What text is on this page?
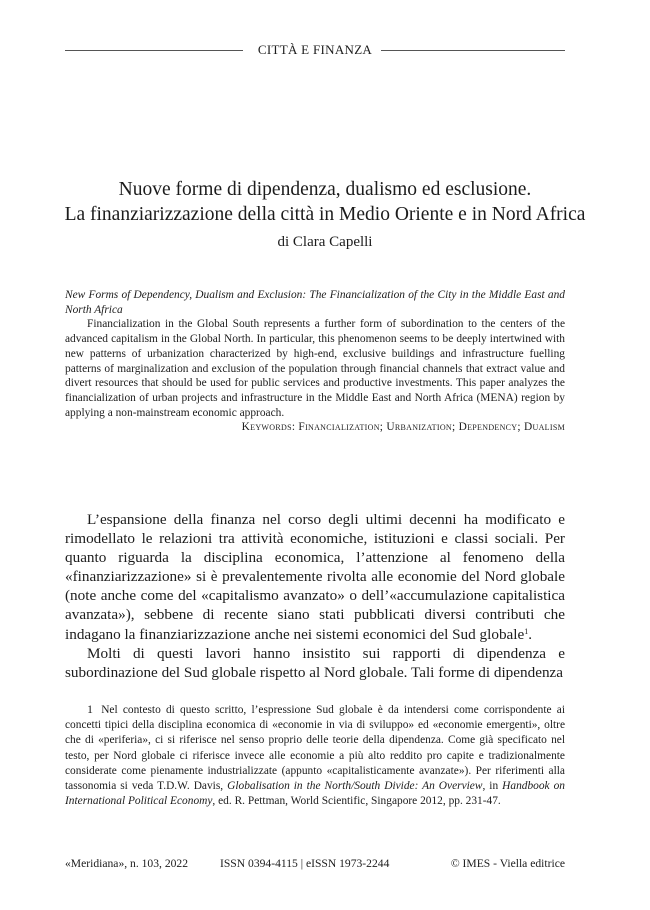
CITTÀ E FINANZA
Nuove forme di dipendenza, dualismo ed esclusione.
La finanziarizzazione della città in Medio Oriente e in Nord Africa
di Clara Capelli

New Forms of Dependency, Dualism and Exclusion: The Financialization of the City in the Middle East and North Africa

Financialization in the Global South represents a further form of subordination to the centers of the advanced capitalism in the Global North. In particular, this phenomenon seems to be deeply intertwined with new patterns of urbanization characterized by high-end, exclusive buildings and infrastructure fuelling patterns of marginalization and exclusion of the population through financial channels that extract value and divert resources that should be used for public services and productive investments. This paper analyzes the financialization of urban projects and infrastructure in the Middle East and North Africa (MENA) region by applying a non-mainstream economic approach.

Keywords: Financialization; Urbanization; Dependency; Dualism

L’espansione della finanza nel corso degli ultimi decenni ha modificato e rimodellato le relazioni tra attività economiche, istituzioni e classi sociali. Per quanto riguarda la disciplina economica, l’attenzione al fenomeno della «finanziarizzazione» si è prevalentemente rivolta alle economie del Nord globale (note anche come del «capitalismo avanzato» o dell’«accumulazione capitalistica avanzata»), sebbene di recente siano stati pubblicati diversi contributi che indagano la finanziarizzazione anche nei sistemi economici del Sud globale$^1$.

Molti di questi lavori hanno insistito sui rapporti di dipendenza e subordinazione del Sud globale rispetto al Nord globale. Tali forme di dipendenza

1 Nel contesto di questo scritto, l’espressione Sud globale è da intendersi come corrispondente ai concetti tipici della disciplina economica di «economie in via di sviluppo» ed «economie emergenti», oltre che di «periferia», ci si riferisce nel senso proprio delle teorie della dipendenza. Come già specificato nel testo, per Nord globale ci riferisce invece alle economie a più alto reddito pro capite e tradizionalmente considerate come pienamente industrializzate (appunto «capitalisticamente avanzate»). Per riferimenti alla tassonomia si veda T.D.W. Davis, Globalisation in the North/South Divide: An Overview, in Handbook on International Political Economy, ed. R. Pettman, World Scientific, Singapore 2012, pp. 231-47.

«Meridiana», n. 103, 2022	ISSN 0394-4115 | eISSN 1973-2244	© IMES - Viella editrice
